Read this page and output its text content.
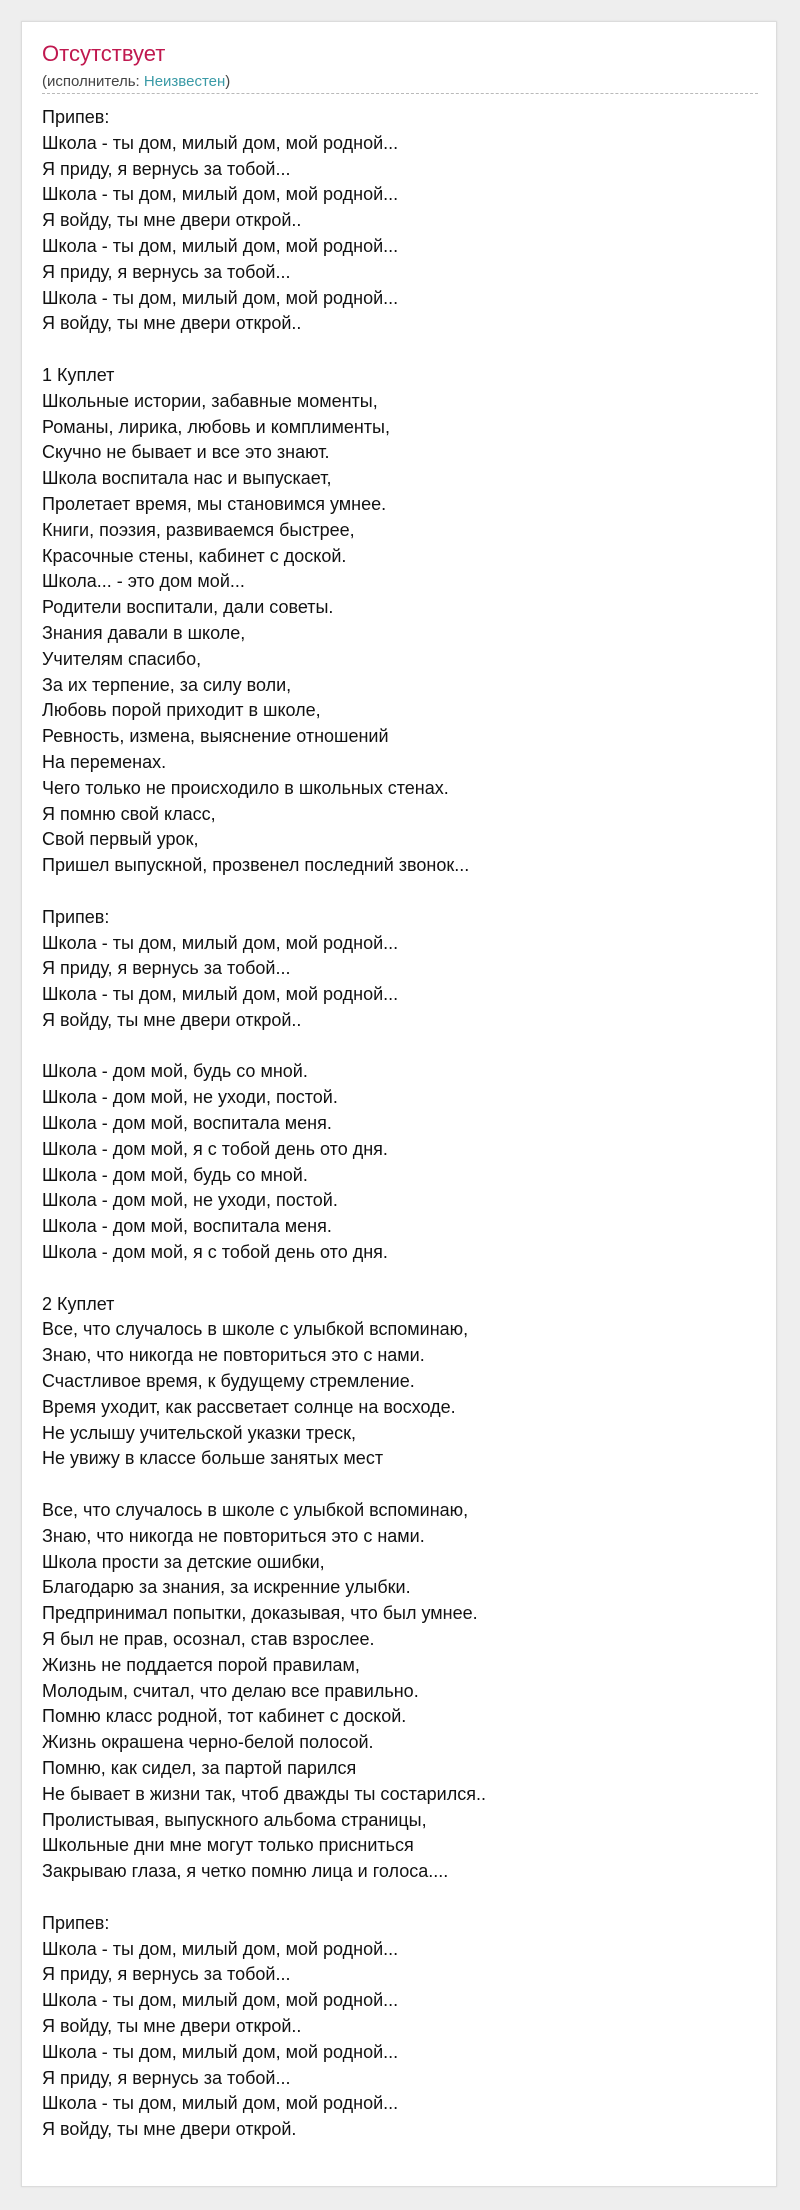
Отсутствует
(исполнитель: Неизвестен)
Припев:
Школа - ты дом, милый дом, мой родной...
Я приду, я вернусь за тобой...
Школа - ты дом, милый дом, мой родной...
Я войду, ты мне двери открой..
Школа - ты дом, милый дом, мой родной...
Я приду, я вернусь за тобой...
Школа - ты дом, милый дом, мой родной...
Я войду, ты мне двери открой..
1 Куплет
Школьные истории, забавные моменты,
Романы, лирика, любовь и комплименты,
Скучно не бывает и все это знают.
Школа воспитала нас и выпускает,
Пролетает время, мы становимся умнее.
Книги, поэзия, развиваемся быстрее,
Красочные стены, кабинет с доской.
Школа... - это дом мой...
Родители воспитали, дали советы.
Знания давали в школе,
Учителям спасибо,
За их терпение, за силу воли,
Любовь порой приходит в школе,
Ревность, измена, выяснение отношений
На переменах.
Чего только не происходило в школьных стенах.
Я помню свой класс,
Свой первый урок,
Пришел выпускной, прозвенел последний звонок...
Припев:
Школа - ты дом, милый дом, мой родной...
Я приду, я вернусь за тобой...
Школа - ты дом, милый дом, мой родной...
Я войду, ты мне двери открой..
Школа - дом мой, будь со мной.
Школа - дом мой, не уходи, постой.
Школа - дом мой, воспитала меня.
Школа - дом мой, я с тобой день ото дня.
Школа - дом мой, будь со мной.
Школа - дом мой, не уходи, постой.
Школа - дом мой, воспитала меня.
Школа - дом мой, я с тобой день ото дня.
2 Куплет
Все, что случалось в школе с улыбкой вспоминаю,
Знаю, что никогда не повториться это с нами.
Счастливое время, к будущему стремление.
Время уходит, как рассветает солнце на восходе.
Не услышу учительской указки треск,
Не увижу в классе больше занятых мест
Все, что случалось в школе с улыбкой вспоминаю,
Знаю, что никогда не повториться это с нами.
Школа прости за детские ошибки,
Благодарю за знания, за искренние улыбки.
Предпринимал попытки, доказывая, что был умнее.
Я был не прав, осознал, став взрослее.
Жизнь не поддается порой правилам,
Молодым, считал, что делаю все правильно.
Помню класс родной, тот кабинет с доской.
Жизнь окрашена черно-белой полосой.
Помню, как сидел, за партой парился
Не бывает в жизни так, чтоб дважды ты состарился..
Пролистывая, выпускного альбома страницы,
Школьные дни мне могут только присниться
Закрываю глаза, я четко помню лица и голоса....
Припев:
Школа - ты дом, милый дом, мой родной...
Я приду, я вернусь за тобой...
Школа - ты дом, милый дом, мой родной...
Я войду, ты мне двери открой..
Школа - ты дом, милый дом, мой родной...
Я приду, я вернусь за тобой...
Школа - ты дом, милый дом, мой родной...
Я войду, ты мне двери открой.
